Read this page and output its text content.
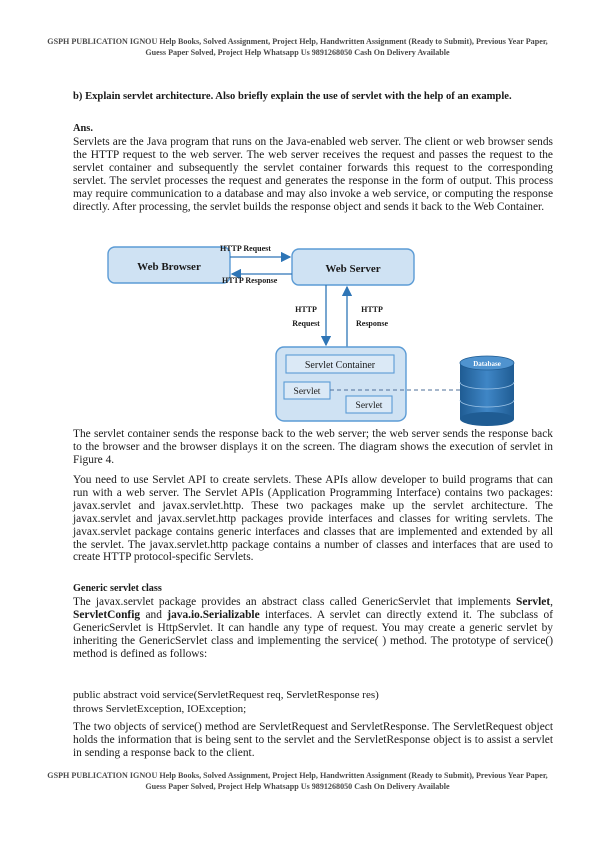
GSPH PUBLICATION IGNOU Help Books, Solved Assignment, Project Help, Handwritten Assignment (Ready to Submit), Previous Year Paper, Guess Paper Solved, Project Help Whatsapp Us 9891268050 Cash On Delivery Available
b) Explain servlet architecture. Also briefly explain the use of servlet with the help of an example.
Ans.
Servlets are the Java program that runs on the Java-enabled web server. The client or web browser sends the HTTP request to the web server. The web server receives the request and passes the request to the servlet container and subsequently the servlet container forwards this request to the corresponding servlet. The servlet processes the request and generates the response in the form of output. This process may require communication to a database and may also invoke a web service, or computing the response directly. After processing, the servlet builds the response object and sends it back to the Web Container.
Web Browser	Web Server
HTTP Request
HTTP Response
HTTP
Request
HTTP
Response
Servlet Container
Servlet
Servlet
Database
The servlet container sends the response back to the web server; the web server sends the response back to the browser and the browser displays it on the screen. The diagram shows the execution of servlet in Figure 4.
You need to use Servlet API to create servlets. These APIs allow developer to build programs that can run with a web server. The Servlet APIs (Application Programming Interface) contains two packages: javax.servlet and javax.servlet.http. These two packages make up the servlet architecture. The javax.servlet and javax.servlet.http packages provide interfaces and classes for writing servlets. The javax.servlet package contains generic interfaces and classes that are implemented and extended by all the servlet. The javax.servlet.http package contains a number of classes and interfaces that are used to create HTTP protocol-specific Servlets.
Generic servlet class
The javax.servlet package provides an abstract class called GenericServlet that implements Servlet, ServletConfig and java.io.Serializable interfaces. A servlet can directly extend it. The subclass of GenericServlet is HttpServlet. It can handle any type of request. You may create a generic servlet by inheriting the GenericServlet class and implementing the service( ) method. The prototype of service() method is defined as follows:
public abstract void service(ServletRequest req, ServletResponse res)
throws ServletException, IOException;
The two objects of service() method are ServletRequest and ServletResponse. The ServletRequest object holds the information that is being sent to the servlet and the ServletResponse object is to assist a servlet in sending a response back to the client.
GSPH PUBLICATION IGNOU Help Books, Solved Assignment, Project Help, Handwritten Assignment (Ready to Submit), Previous Year Paper, Guess Paper Solved, Project Help Whatsapp Us 9891268050 Cash On Delivery Available
